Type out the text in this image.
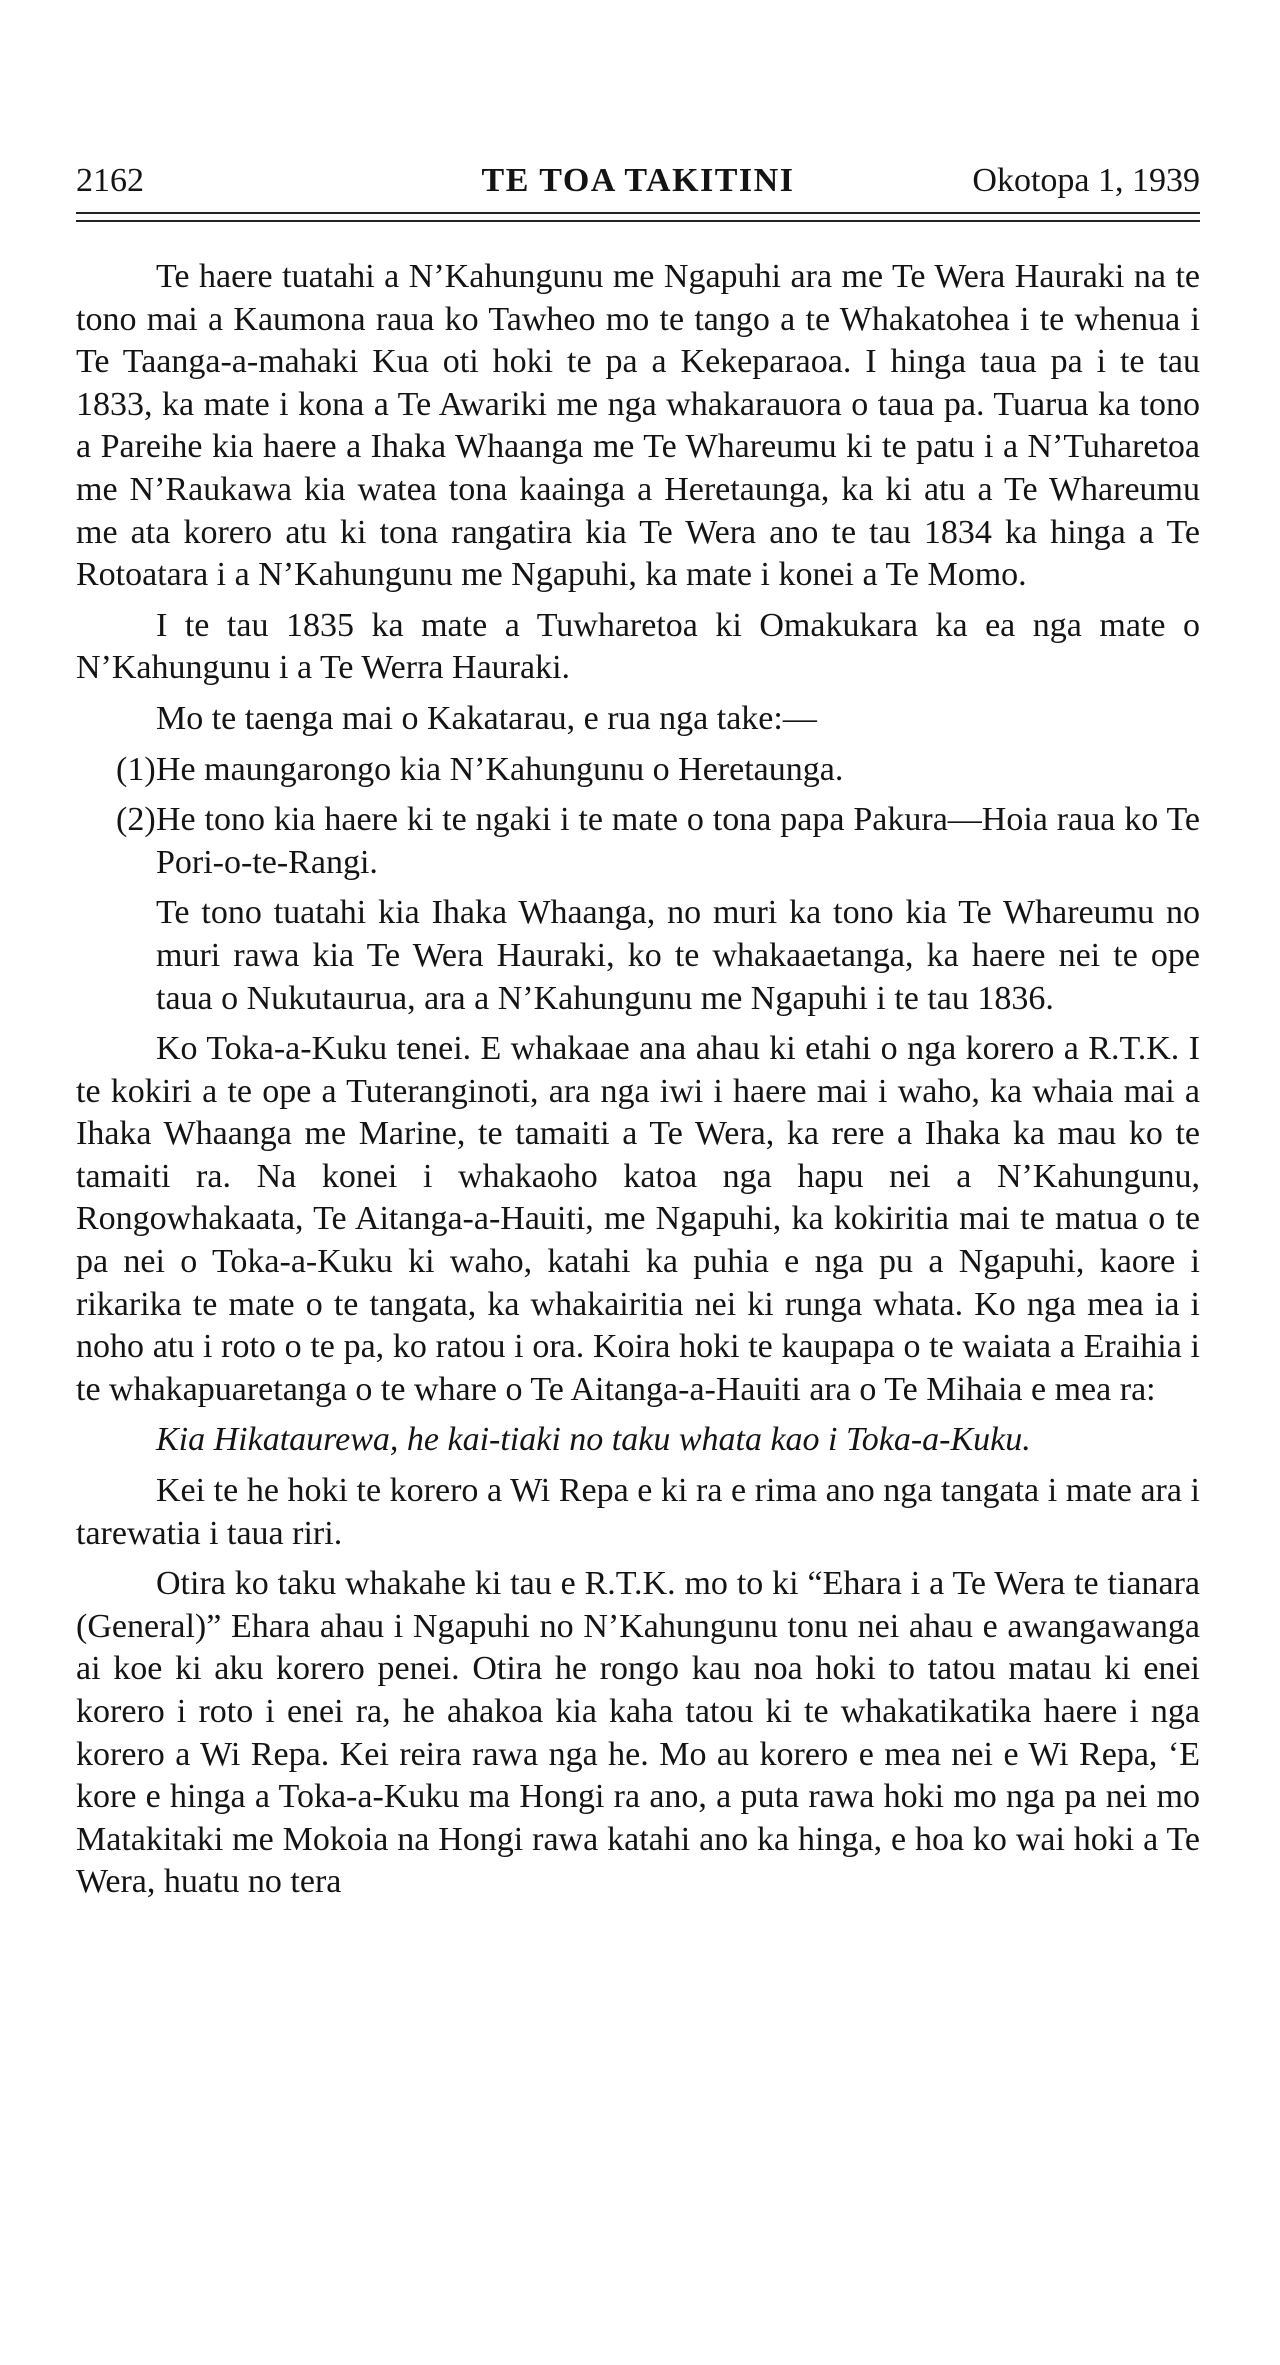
2162	TE TOA TAKITINI	Okotopa 1, 1939

Te haere tuatahi a N’Kahungunu me Ngapuhi ara me Te Wera Hauraki na te tono mai a Kaumona raua ko Tawheo mo te tango a te Whakatohea i te whenua i Te Taanga-a-mahaki Kua oti hoki te pa a Kekeparaoa. I hinga taua pa i te tau 1833, ka mate i kona a Te Awariki me nga whakarauora o taua pa. Tuarua ka tono a Pareihe kia haere a Ihaka Whaanga me Te Whareumu ki te patu i a N’Tuharetoa me N’Raukawa kia watea tona kaainga a Heretaunga, ka ki atu a Te Whareumu me ata korero atu ki tona rangatira kia Te Wera ano te tau 1834 ka hinga a Te Rotoatara i a N’Kahungunu me Ngapuhi, ka mate i konei a Te Momo.

I te tau 1835 ka mate a Tuwharetoa ki Omakukara ka ea nga mate o N’Kahungunu i a Te Werra Hauraki.

Mo te taenga mai o Kakatarau, e rua nga take:—

(1) He maungarongo kia N’Kahungunu o Heretaunga.

(2) He tono kia haere ki te ngaki i te mate o tona papa Pakura—Hoia raua ko Te Pori-o-te-Rangi.

Te tono tuatahi kia Ihaka Whaanga, no muri ka tono kia Te Whareumu no muri rawa kia Te Wera Hauraki, ko te whakaaetanga, ka haere nei te ope taua o Nukutaurua, ara a N’Kahungunu me Ngapuhi i te tau 1836.

Ko Toka-a-Kuku tenei. E whakaae ana ahau ki etahi o nga korero a R.T.K. I te kokiri a te ope a Tuteranginoti, ara nga iwi i haere mai i waho, ka whaia mai a Ihaka Whaanga me Marine, te tamaiti a Te Wera, ka rere a Ihaka ka mau ko te tamaiti ra. Na konei i whakaoho katoa nga hapu nei a N’Kahungunu, Rongowhakaata, Te Aitanga-a-Hauiti, me Ngapuhi, ka kokiritia mai te matua o te pa nei o Toka-a-Kuku ki waho, katahi ka puhia e nga pu a Ngapuhi, kaore i rikarika te mate o te tangata, ka whakairitia nei ki runga whata. Ko nga mea ia i noho atu i roto o te pa, ko ratou i ora. Koira hoki te kaupapa o te waiata a Eraihia i te whakapuaretanga o te whare o Te Aitanga-a-Hauiti ara o Te Mihaia e mea ra:

Kia Hikataurewa, he kai-tiaki no taku whata kao i Toka-a-Kuku.

Kei te he hoki te korero a Wi Repa e ki ra e rima ano nga tangata i mate ara i tarewatia i taua riri.

Otira ko taku whakahe ki tau e R.T.K. mo to ki “Ehara i a Te Wera te tianara (General)” Ehara ahau i Ngapuhi no N’Kahungunu tonu nei ahau e awangawanga ai koe ki aku korero penei. Otira he rongo kau noa hoki to tatou matau ki enei korero i roto i enei ra, he ahakoa kia kaha tatou ki te whakatikatika haere i nga korero a Wi Repa. Kei reira rawa nga he. Mo au korero e mea nei e Wi Repa, ‘E kore e hinga a Toka-a-Kuku ma Hongi ra ano, a puta rawa hoki mo nga pa nei mo Matakitaki me Mokoia na Hongi rawa katahi ano ka hinga, e hoa ko wai hoki a Te Wera, huatu no tera
